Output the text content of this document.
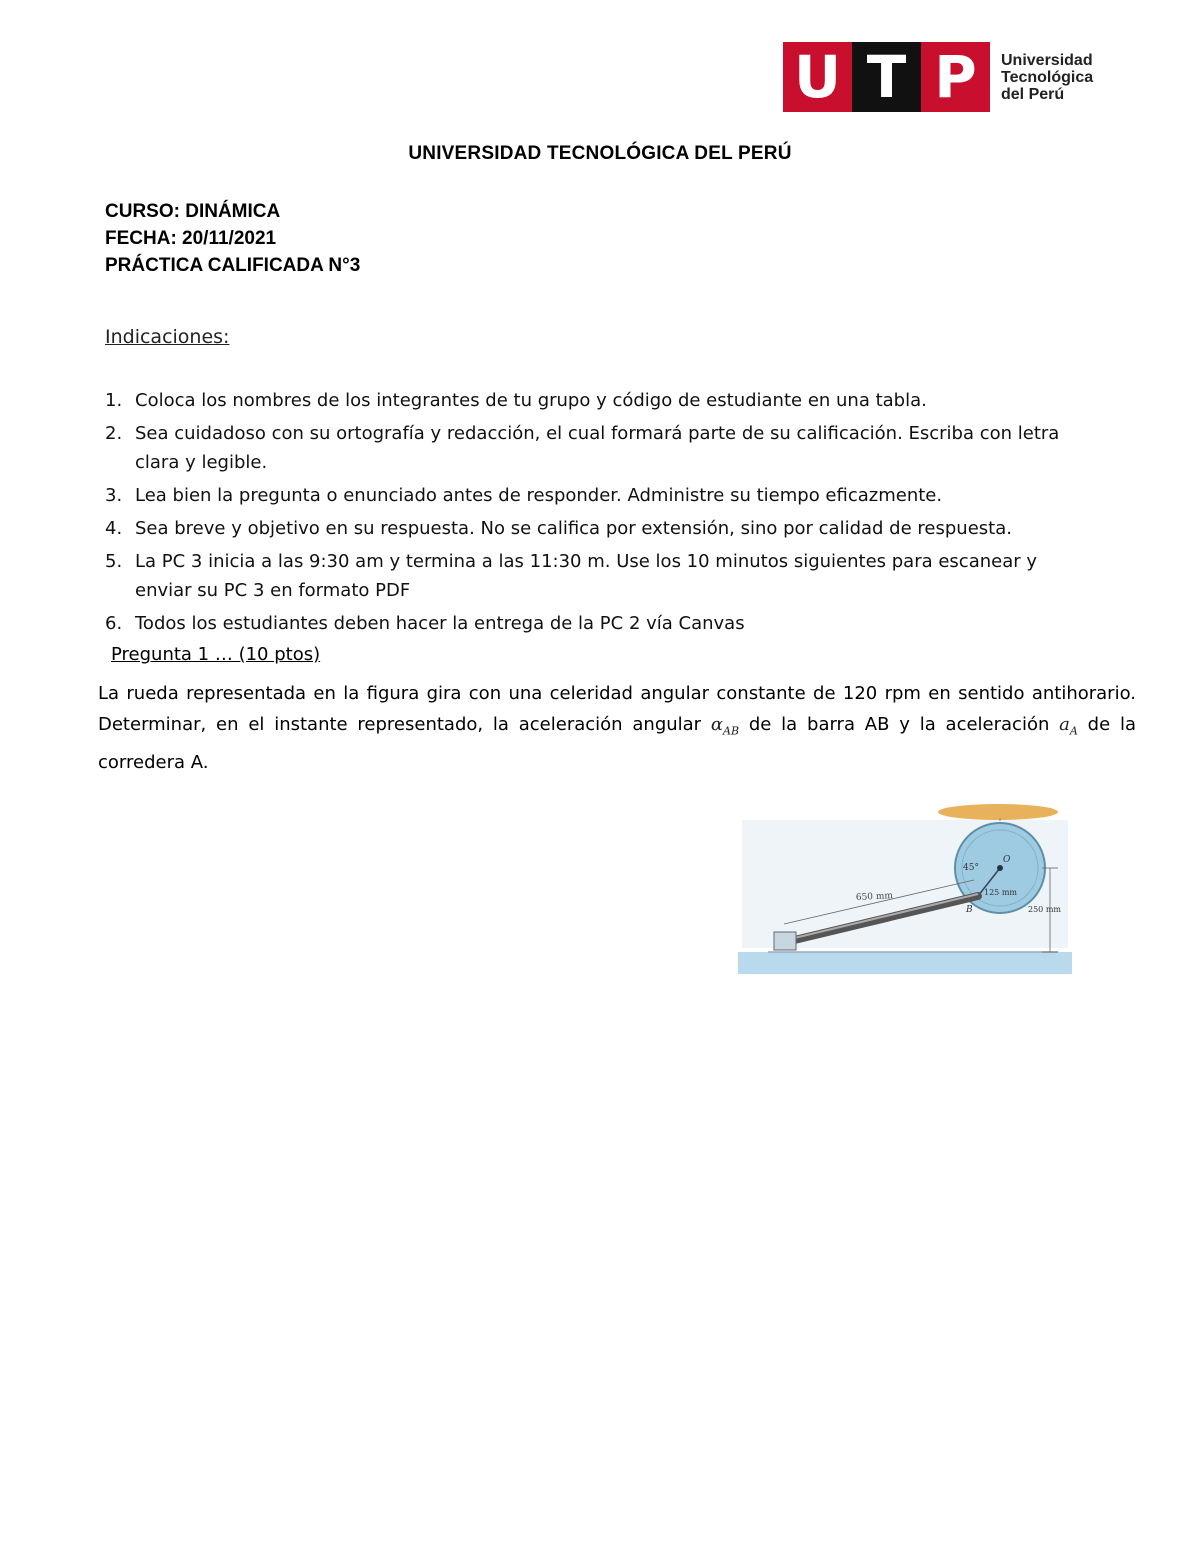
U T P	Universidad
Tecnológica
del Perú
UNIVERSIDAD TECNOLÓGICA DEL PERÚ
CURSO: DINÁMICA
FECHA: 20/11/2021
PRÁCTICA CALIFICADA N°3
Indicaciones:
1. Coloca los nombres de los integrantes de tu grupo y código de estudiante en una tabla.
2. Sea cuidadoso con su ortografía y redacción, el cual formará parte de su calificación. Escriba con letra clara y legible.
3. Lea bien la pregunta o enunciado antes de responder. Administre su tiempo eficazmente.
4. Sea breve y objetivo en su respuesta. No se califica por extensión, sino por calidad de respuesta.
5. La PC 3 inicia a las 9:30 am y termina a las 11:30 m. Use los 10 minutos siguientes para escanear y enviar su PC 3 en formato PDF
6. Todos los estudiantes deben hacer la entrega de la PC 2 vía Canvas
Pregunta 1 … (10 ptos)
La rueda representada en la figura gira con una celeridad angular constante de 120 rpm en sentido antihorario. Determinar, en el instante representado, la aceleración angular $\alpha_{AB}$ de la barra AB y la aceleración $a_A$ de la corredera A.
650 mm	125 mm
250 mm
45°
O
B
